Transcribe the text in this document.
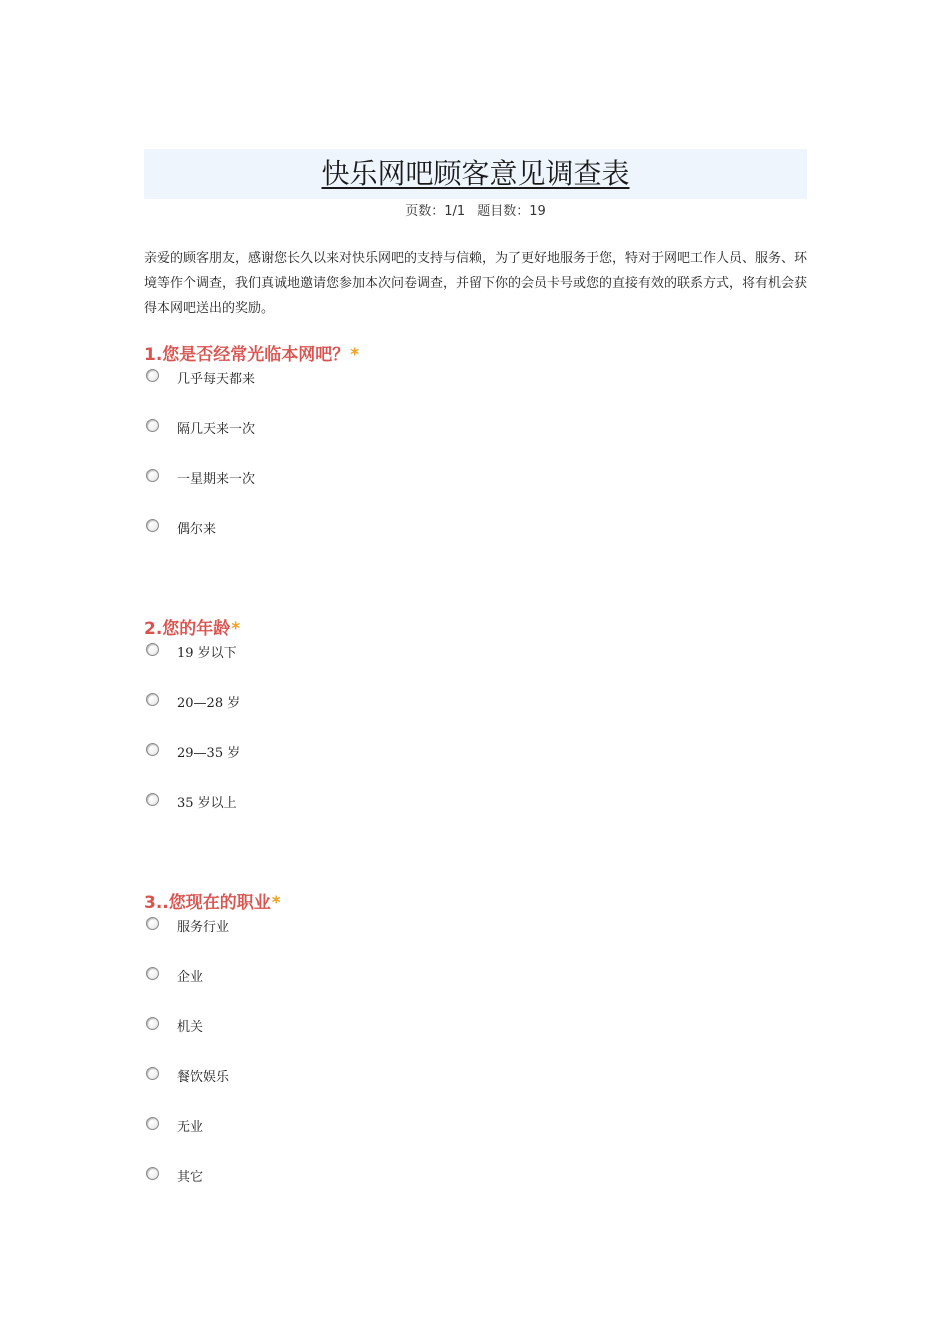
快乐网吧顾客意见调查表
页数：1/1 题目数：19
亲爱的顾客朋友，感谢您长久以来对快乐网吧的支持与信赖，为了更好地服务于您，特对于网吧工作人员、服务、环境等作个调查，我们真诚地邀请您参加本次问卷调查，并留下你的会员卡号或您的直接有效的联系方式，将有机会获得本网吧送出的奖励。
1.您是否经常光临本网吧？*
几乎每天都来
隔几天来一次
一星期来一次
偶尔来
2.您的年龄*
19 岁以下
20—28 岁
29—35 岁
35 岁以上
3..您现在的职业*
服务行业
企业
机关
餐饮娱乐
无业
其它
